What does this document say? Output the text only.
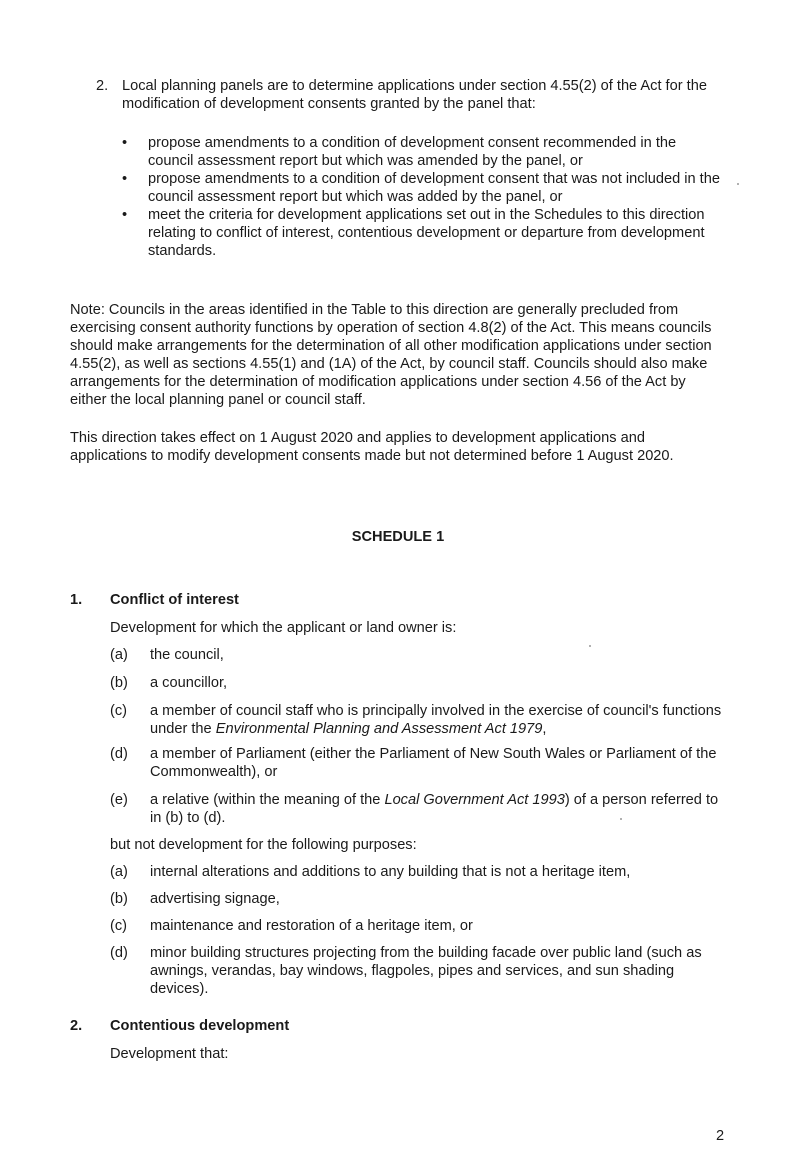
2. Local planning panels are to determine applications under section 4.55(2) of the Act for the modification of development consents granted by the panel that:
• propose amendments to a condition of development consent recommended in the council assessment report but which was amended by the panel, or
• propose amendments to a condition of development consent that was not included in the council assessment report but which was added by the panel, or
• meet the criteria for development applications set out in the Schedules to this direction relating to conflict of interest, contentious development or departure from development standards.
Note: Councils in the areas identified in the Table to this direction are generally precluded from exercising consent authority functions by operation of section 4.8(2) of the Act. This means councils should make arrangements for the determination of all other modification applications under section 4.55(2), as well as sections 4.55(1) and (1A) of the Act, by council staff. Councils should also make arrangements for the determination of modification applications under section 4.56 of the Act by either the local planning panel or council staff.
This direction takes effect on 1 August 2020 and applies to development applications and applications to modify development consents made but not determined before 1 August 2020.
SCHEDULE 1
1. Conflict of interest
Development for which the applicant or land owner is:
(a) the council,
(b) a councillor,
(c) a member of council staff who is principally involved in the exercise of council's functions under the Environmental Planning and Assessment Act 1979,
(d) a member of Parliament (either the Parliament of New South Wales or Parliament of the Commonwealth), or
(e) a relative (within the meaning of the Local Government Act 1993) of a person referred to in (b) to (d).
but not development for the following purposes:
(a) internal alterations and additions to any building that is not a heritage item,
(b) advertising signage,
(c) maintenance and restoration of a heritage item, or
(d) minor building structures projecting from the building facade over public land (such as awnings, verandas, bay windows, flagpoles, pipes and services, and sun shading devices).
2. Contentious development
Development that:
2
